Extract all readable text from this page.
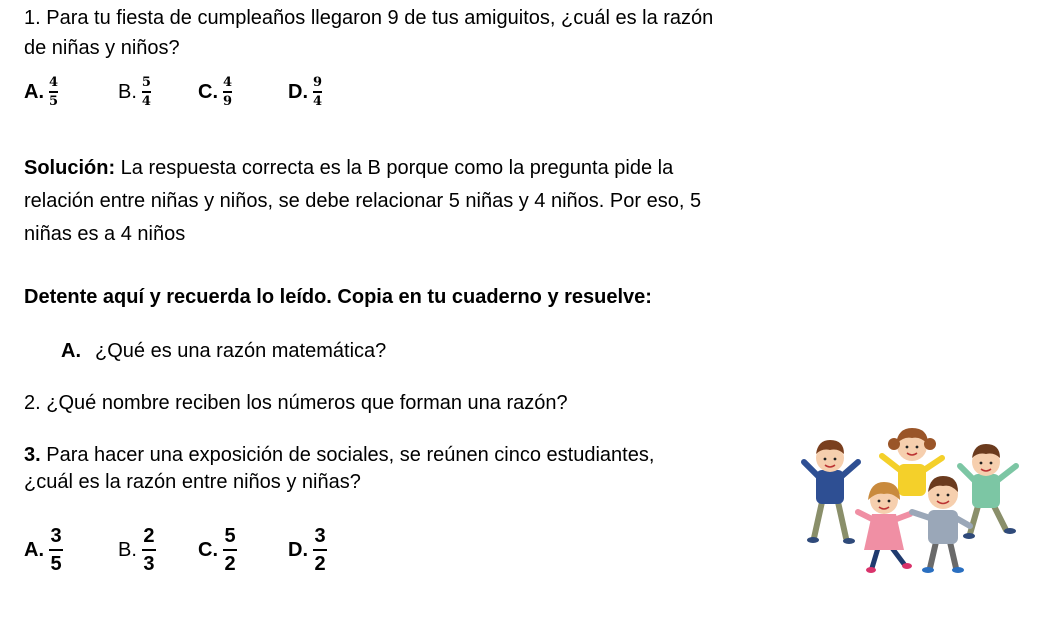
1. Para tu fiesta de cumpleaños llegaron 9 de tus amiguitos, ¿cuál es la razón
de niñas y niños?
A. $\frac{4}{5}$	B. $\frac{5}{4} C$. $\frac{4}{9}$	D. $\frac{9}{4}$
Solución: La respuesta correcta es la B porque como la pregunta pide la
relación entre niñas y niños, se debe relacionar 5 niñas y 4 niños. Por eso, 5
niñas es a 4 niños
Detente aquí y recuerda lo leído. Copia en tu cuaderno y resuelve:
A. ¿Qué es una razón matemática?
2. ¿Qué nombre reciben los números que forman una razón?
3. Para hacer una exposición de sociales, se reúnen cinco estudiantes,
¿cuál es la razón entre niños y niñas?
A. $\frac{3}{5}$	B. $\frac{2}{3} C$. $\frac{5}{2}$	D. $\frac{3}{2}$
